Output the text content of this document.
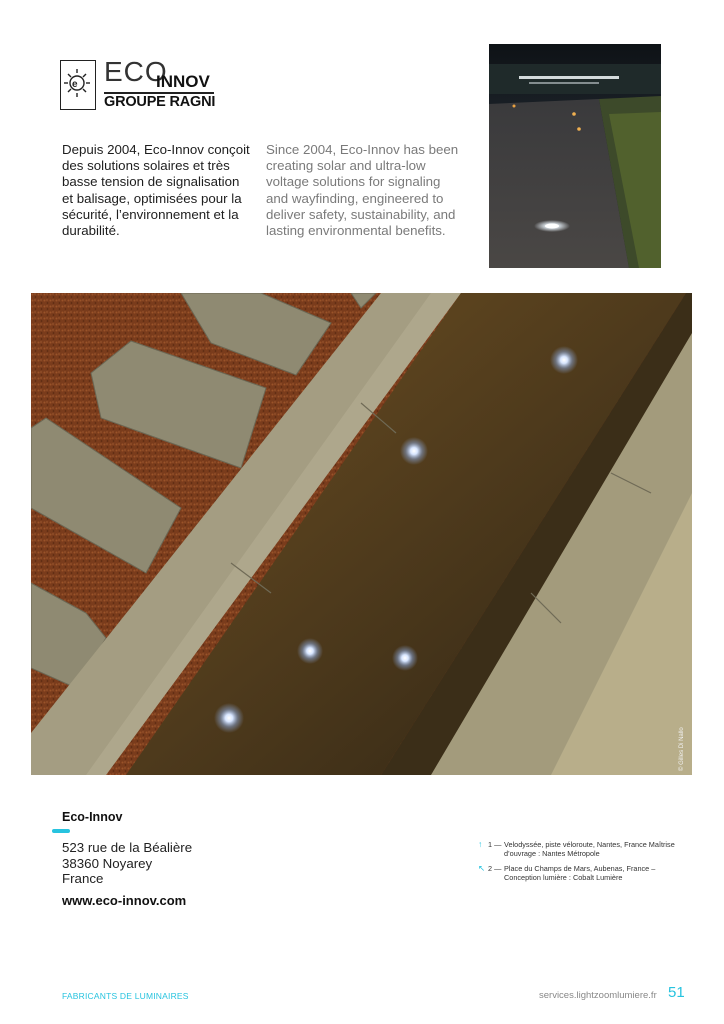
e ECO
INNOV
GROUPE RAGNI
Depuis 2004, Eco-Innov conçoit des solutions solaires et très basse tension de signalisation et balisage, optimisées pour la sécurité, l’environnement et la durabilité.
Since 2004, Eco-Innov has been creating solar and ultra-low voltage solutions for signaling and wayfinding, engineered to deliver safety, sustainability, and lasting environmental benefits.
© Gilles Di Nallo
Eco-Innov
523 rue de la Béalière
38360 Noyarey
France
www.eco-innov.com
↑ 1 — Velodyssée, piste véloroute, Nantes, France Maîtrise d’ouvrage : Nantes Métropole
↖ 2 — Place du Champs de Mars, Aubenas, France – Conception lumière : Cobalt Lumière
FABRICANTS DE LUMINAIRES	services.lightzoomlumiere.fr 51
